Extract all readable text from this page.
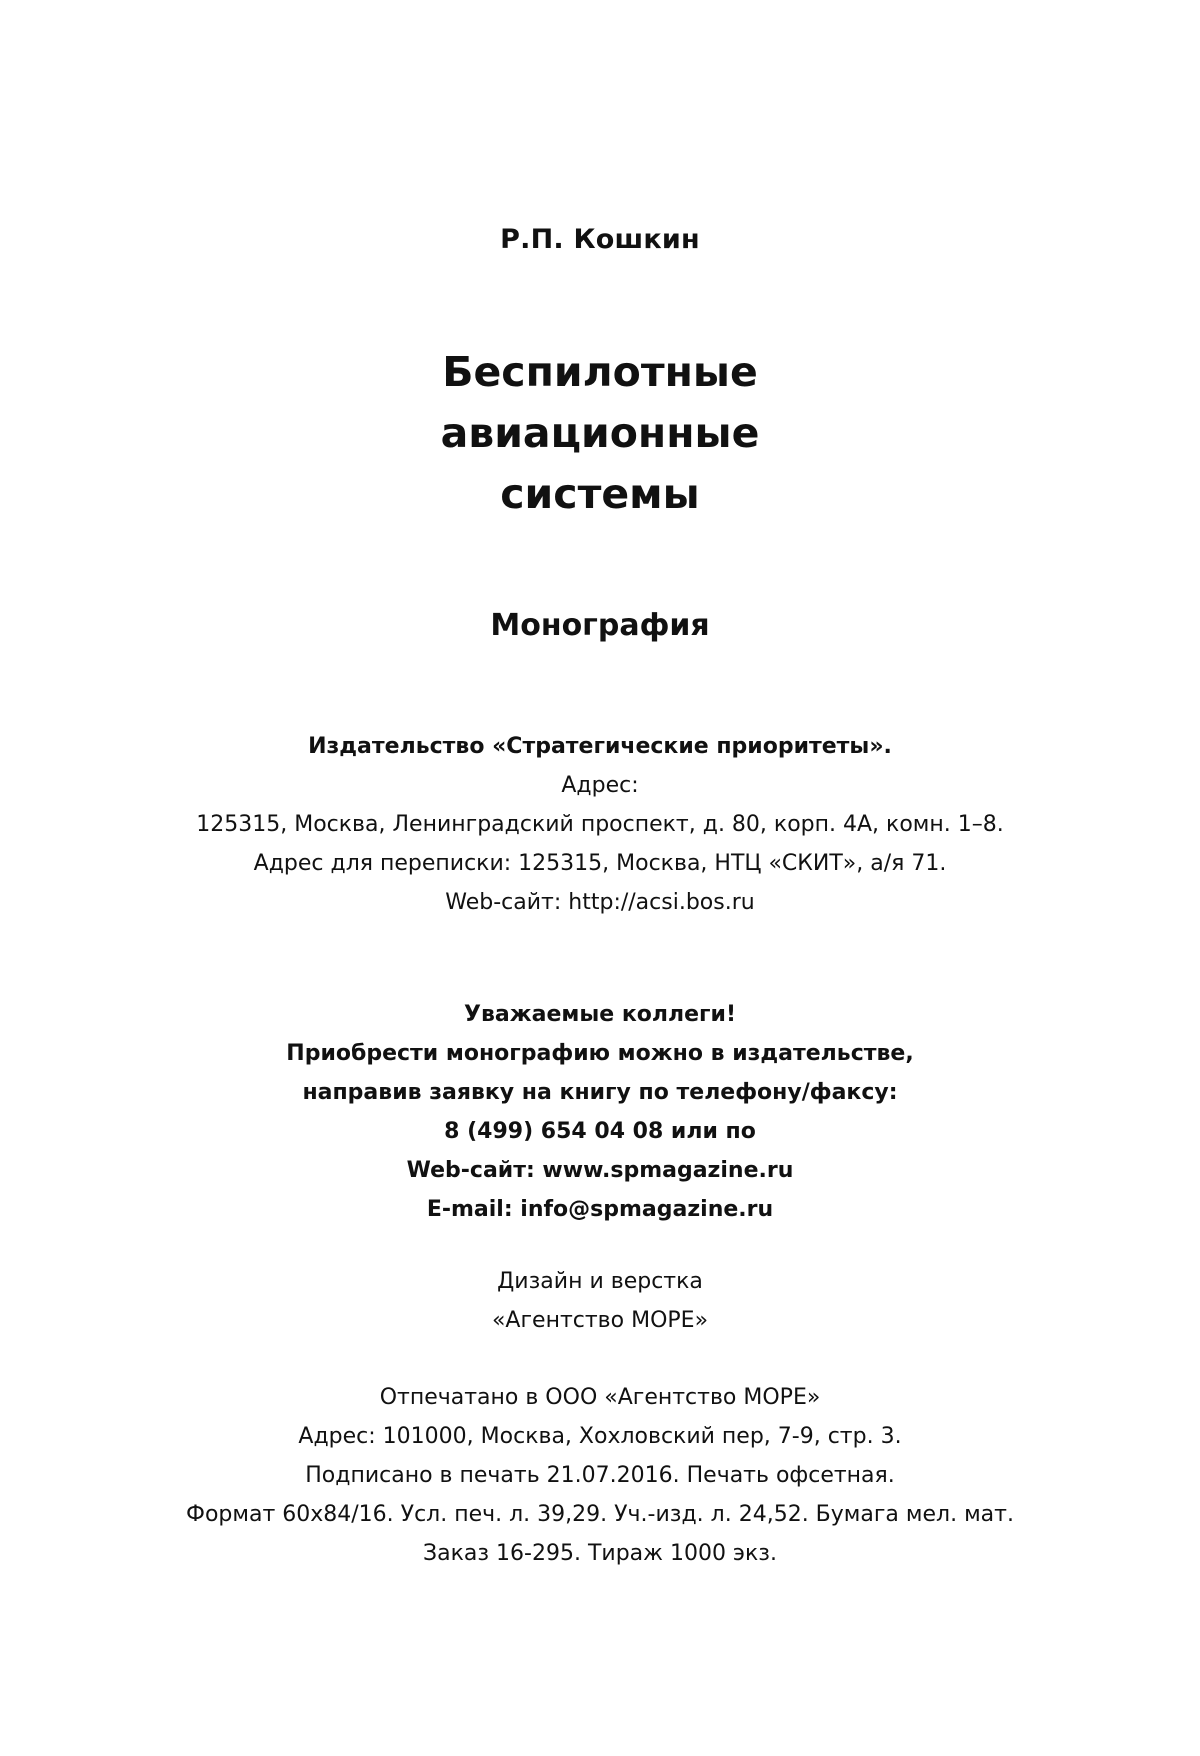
Р.П. Кошкин

Беспилотные
авиационные
системы

Монография

Издательство «Стратегические приоритеты».
Адрес:
125315, Москва, Ленинградский проспект, д. 80, корп. 4А, комн. 1–8.
Адрес для переписки: 125315, Москва, НТЦ «СКИТ», а/я 71.
Web-сайт: http://acsi.bos.ru
Уважаемые коллеги!
Приобрести монографию можно в издательстве,
направив заявку на книгу по телефону/факсу:
8 (499) 654 04 08 или по
Web-сайт: www.spmagazine.ru
E-mail: info@spmagazine.ru
Дизайн и верстка
«Агентство МОРЕ»
Отпечатано в ООО «Агентство МОРЕ»
Адрес: 101000, Москва, Хохловский пер, 7-9, стр. 3.
Подписано в печать 21.07.2016. Печать офсетная.
Формат 60x84/16. Усл. печ. л. 39,29. Уч.-изд. л. 24,52. Бумага мел. мат.
Заказ 16-295. Тираж 1000 экз.
